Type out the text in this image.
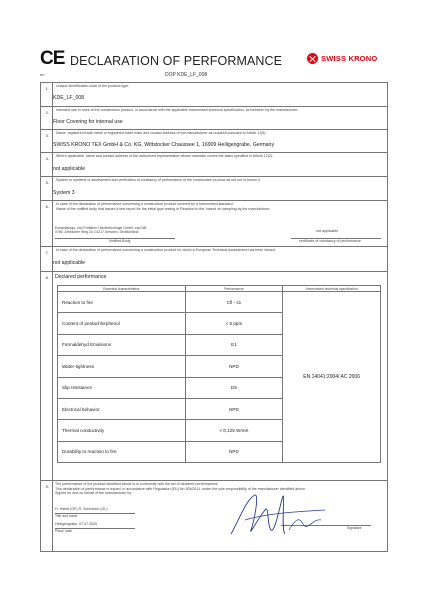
CE
en
DECLARATION OF PERFORMANCE
DOP KDE_LF_008
SWISS KRONO
1. Unique identification code of the product-type:
KDE_LF_008
2. Intended use or uses of the construction product, in accordance with the applicable harmonised technical specification, as foreseen by the manufacturer:
Floor Covering for internal use
3. Name, registered trade name or registered trade mark and contact address of the manufacturer as required pursuant to Article 11(5):
SWISS KRONO TEX GmbH & Co. KG, Wittstocker Chaussee 1, 16909 Heiligengrabe, Germany
4. Where applicable, name and contact address of the authorised representative whose mandate covers the tasks specified in Article 12(2):
not applicable
5. System or systems of assessment and verification of constancy of performance of the construction product as set out in Annex V:
System 3
6. In case of the declaration of performance concerning a construction product covered by a harmonised standard:
Name of the notified body that issued a test report for the initial type testing of Reaction to fire, based on sampling by the manufacturer.
Entwicklungs- und Prüflabor Holztechnologie GmbH, epd NB
0766, Zellescher Weg 24, 01217 Dresden, Deutschland	not applicable
Notified Body	certificate of constancy of performance
7. In case of the declaration of performance concerning a construction product for which a European Technical Assessment has been issued:
not applicable
8. Declared performance
Essential characteristics	Performance	Harmonised technical specification
Reaction to fire	Cfl - s1	EN 14041:2004/ AC 2006
Content of pentachlorphenol	< 5 ppm	
Formaldehyd Emissions	E1	
Water-tightness	NPD	
Slip resistance	DS	
Electrical behavior	NPD	
Thermal conductivity	< 0,125 W/mK	
Durability to reaction to fire	NPD	
9. The performance of the product identified above is in conformity with the set of declared performances.
This declaration of performance is issued, in accordance with Regulation (EU) No 305/2011, under the sole responsibility of the manufacturer identified above.
Signed for and on behalf of the manufacturer by:
H. Haedt (GF) R. Schneider (GL)
Title and name
Heiligengrabe, 07.07.2020
Place, date
Signature
